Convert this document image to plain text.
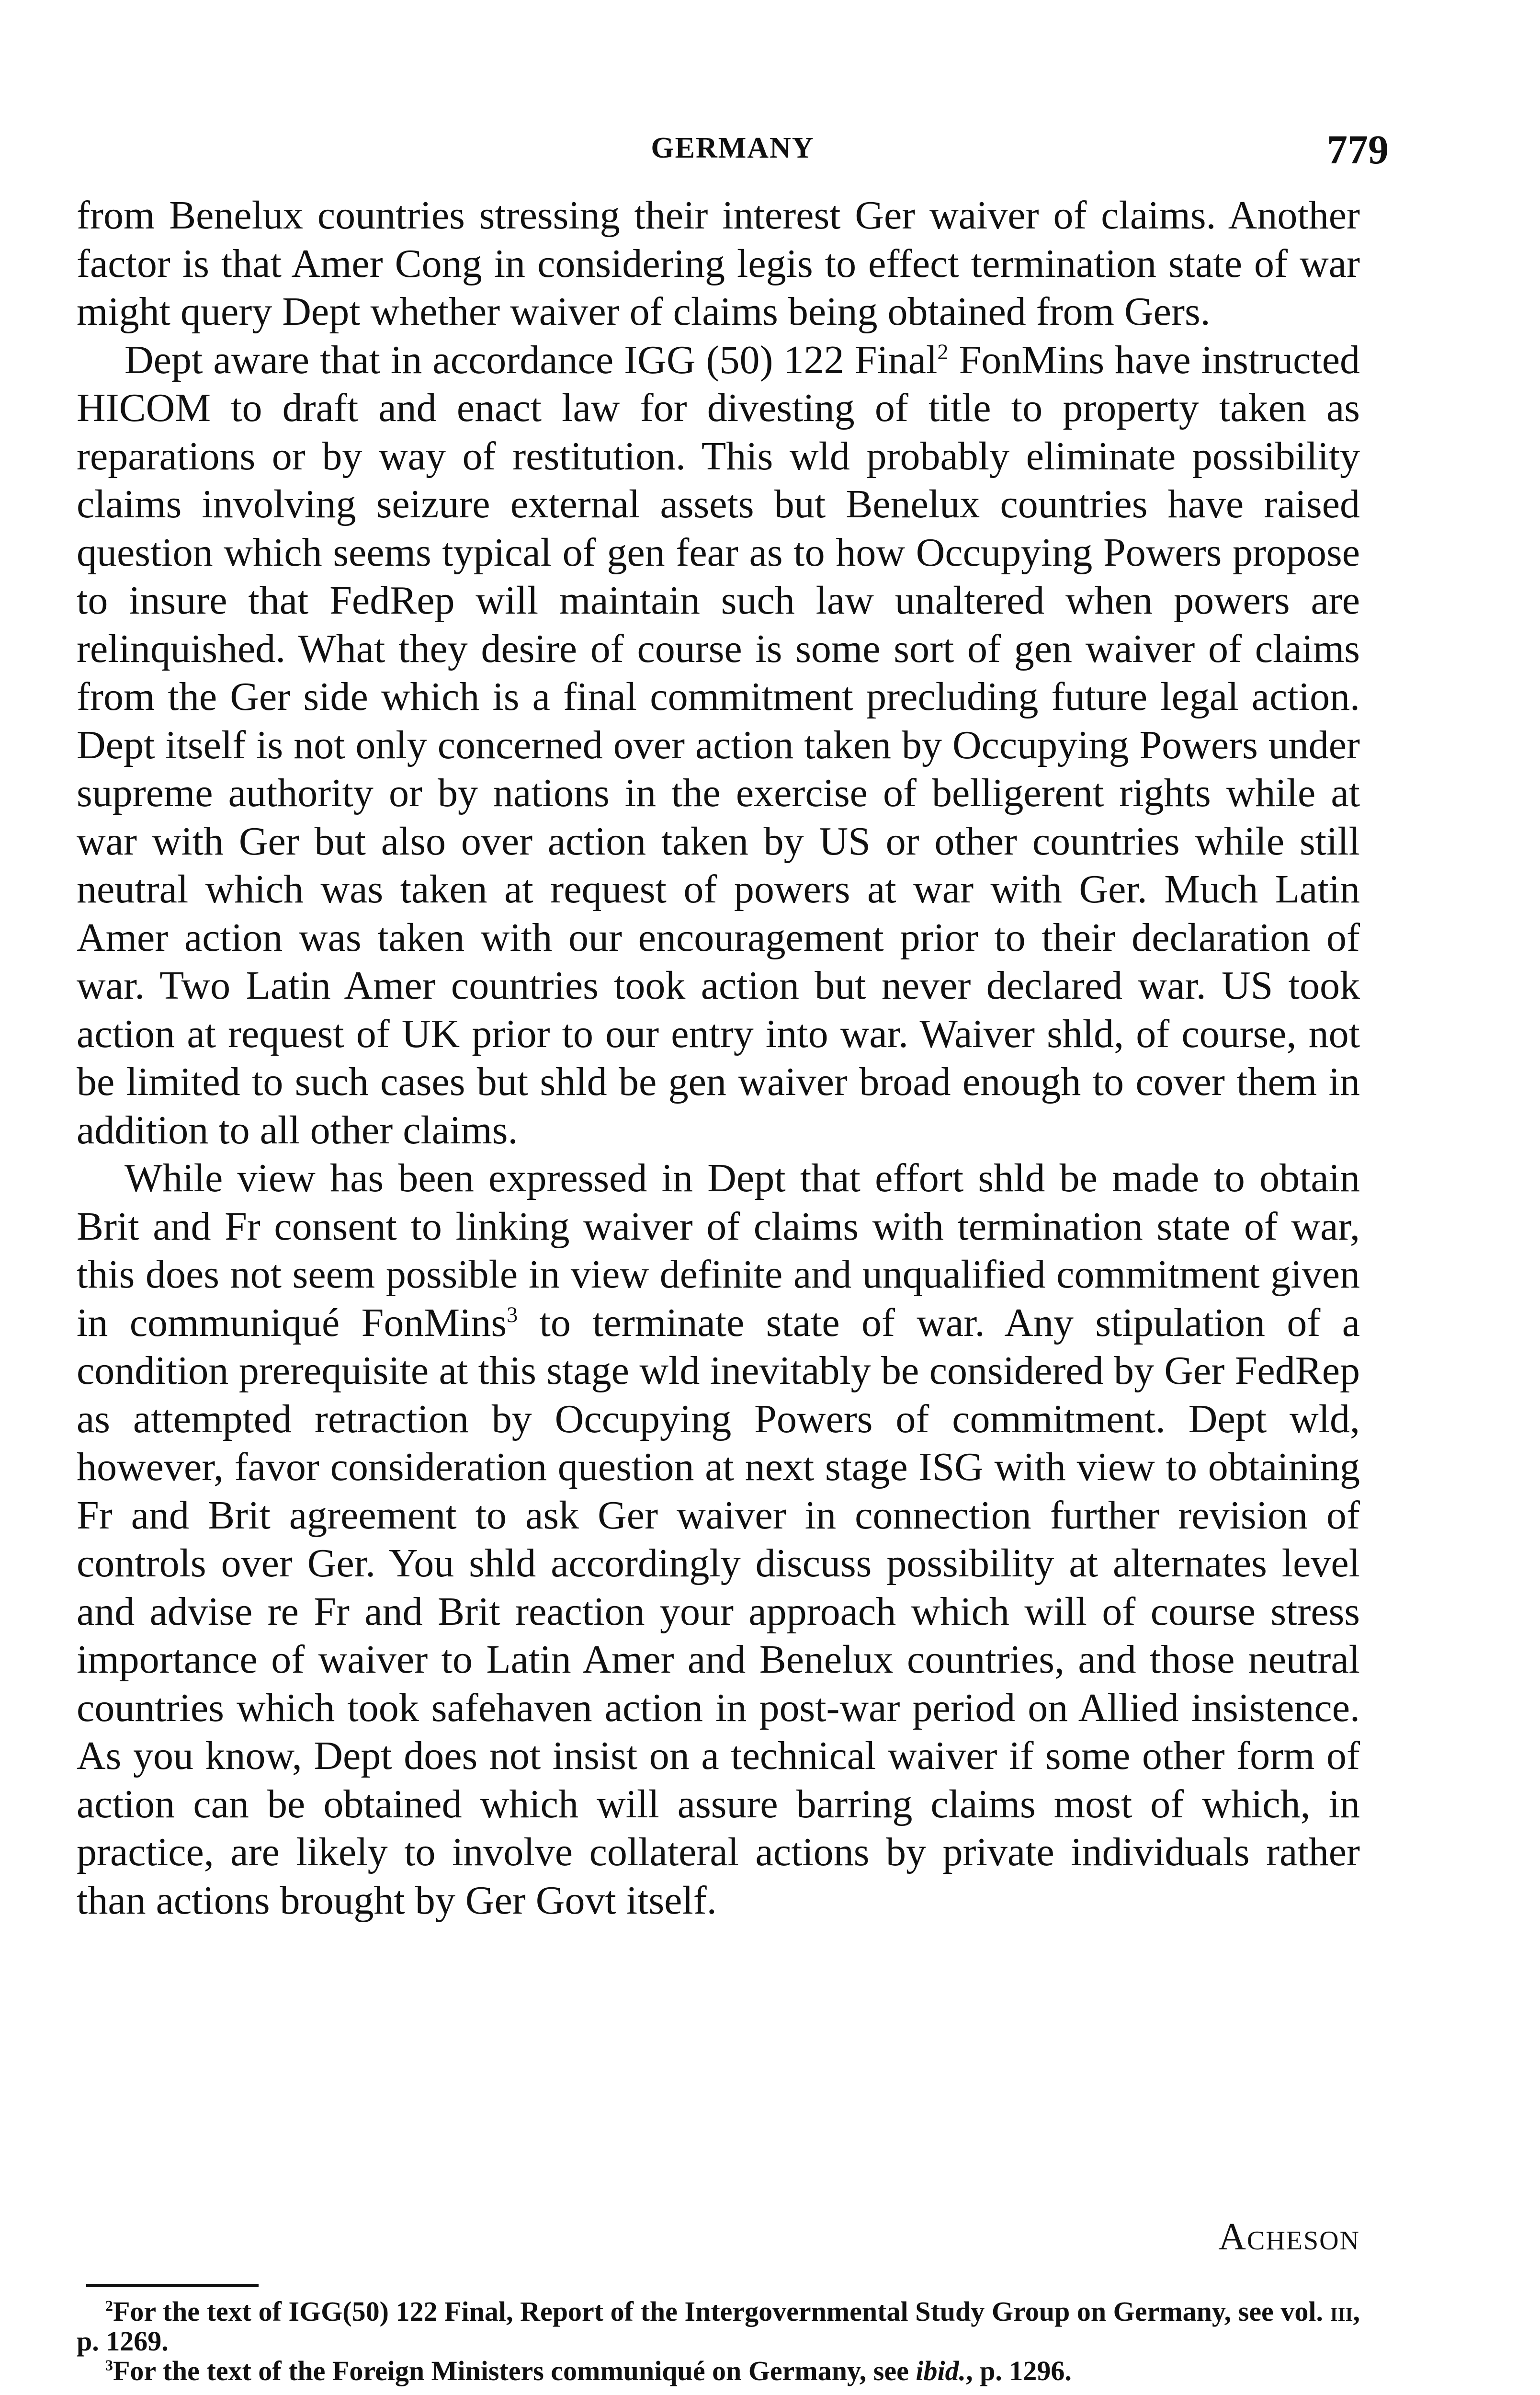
GERMANY	779

from Benelux countries stressing their interest Ger waiver of claims. Another factor is that Amer Cong in considering legis to effect termination state of war might query Dept whether waiver of claims being obtained from Gers.

Dept aware that in accordance IGG (50) 122 Final$^2$ FonMins have instructed HICOM to draft and enact law for divesting of title to property taken as reparations or by way of restitution. This wld probably eliminate possibility claims involving seizure external assets but Benelux countries have raised question which seems typical of gen fear as to how Occupying Powers propose to insure that FedRep will maintain such law unaltered when powers are relinquished. What they desire of course is some sort of gen waiver of claims from the Ger side which is a final commitment precluding future legal action. Dept itself is not only concerned over action taken by Occupying Powers under supreme authority or by nations in the exercise of belligerent rights while at war with Ger but also over action taken by US or other countries while still neutral which was taken at request of powers at war with Ger. Much Latin Amer action was taken with our encouragement prior to their declaration of war. Two Latin Amer countries took action but never declared war. US took action at request of UK prior to our entry into war. Waiver shld, of course, not be limited to such cases but shld be gen waiver broad enough to cover them in addition to all other claims.

While view has been expressed in Dept that effort shld be made to obtain Brit and Fr consent to linking waiver of claims with termination state of war, this does not seem possible in view definite and unqualified commitment given in communiqué FonMins$^3$ to terminate state of war. Any stipulation of a condition prerequisite at this stage wld inevitably be considered by Ger FedRep as attempted retraction by Occupying Powers of commitment. Dept wld, however, favor consideration question at next stage ISG with view to obtaining Fr and Brit agreement to ask Ger waiver in connection further revision of controls over Ger. You shld accordingly discuss possibility at alternates level and advise re Fr and Brit reaction your approach which will of course stress importance of waiver to Latin Amer and Benelux countries, and those neutral countries which took safehaven action in post-war period on Allied insistence. As you know, Dept does not insist on a technical waiver if some other form of action can be obtained which will assure barring claims most of which, in practice, are likely to involve collateral actions by private individuals rather than actions brought by Ger Govt itself.

Acheson

$^2$For the text of IGG(50) 122 Final, Report of the Intergovernmental Study Group on Germany, see vol. iii, p. 1269.

$^3$For the text of the Foreign Ministers communiqué on Germany, see ibid., p. 1296.
